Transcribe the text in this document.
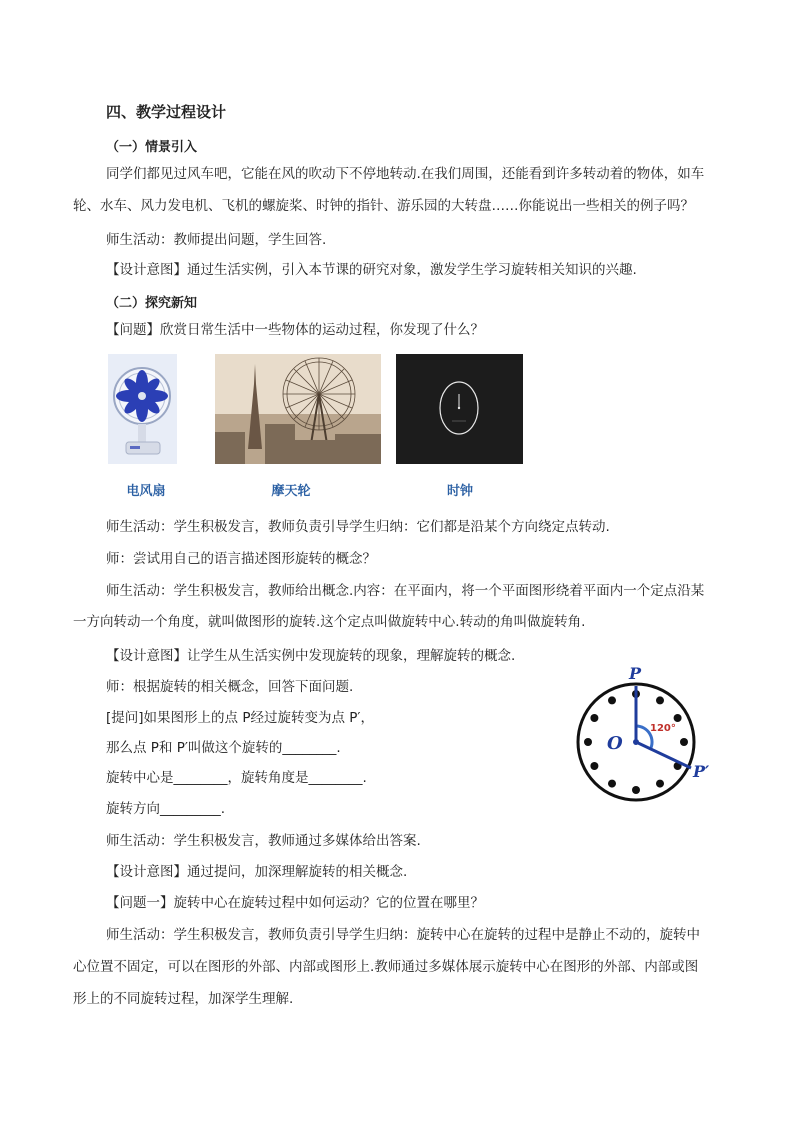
四、教学过程设计
（一）情景引入
同学们都见过风车吧，它能在风的吹动下不停地转动.在我们周围，还能看到许多转动着的物体，如车
轮、水车、风力发电机、飞机的螺旋桨、时钟的指针、游乐园的大转盘……你能说出一些相关的例子吗？
师生活动：教师提出问题，学生回答.
【设计意图】通过生活实例，引入本节课的研究对象，激发学生学习旋转相关知识的兴趣.
（二）探究新知
【问题】欣赏日常生活中一些物体的运动过程，你发现了什么？
电风扇	摩天轮	时钟
师生活动：学生积极发言，教师负责引导学生归纳：它们都是沿某个方向绕定点转动.
师：尝试用自己的语言描述图形旋转的概念？
师生活动：学生积极发言，教师给出概念.内容：在平面内，将一个平面图形绕着平面内一个定点沿某
一方向转动一个角度，就叫做图形的旋转.这个定点叫做旋转中心.转动的角叫做旋转角.
【设计意图】让学生从生活实例中发现旋转的现象，理解旋转的概念.
师：根据旋转的相关概念，回答下面问题.
[提问]如果图形上的点 P经过旋转变为点 P′，
那么点 P和 P′叫做这个旋转的________.
旋转中心是________，旋转角度是________.
旋转方向_________.
师生活动：学生积极发言，教师通过多媒体给出答案.
【设计意图】通过提问，加深理解旋转的相关概念.
【问题一】旋转中心在旋转过程中如何运动？它的位置在哪里？
师生活动：学生积极发言，教师负责引导学生归纳：旋转中心在旋转的过程中是静止不动的，旋转中
心位置不固定，可以在图形的外部、内部或图形上.教师通过多媒体展示旋转中心在图形的外部、内部或图
形上的不同旋转过程，加深学生理解.
120°
P
P′
O
